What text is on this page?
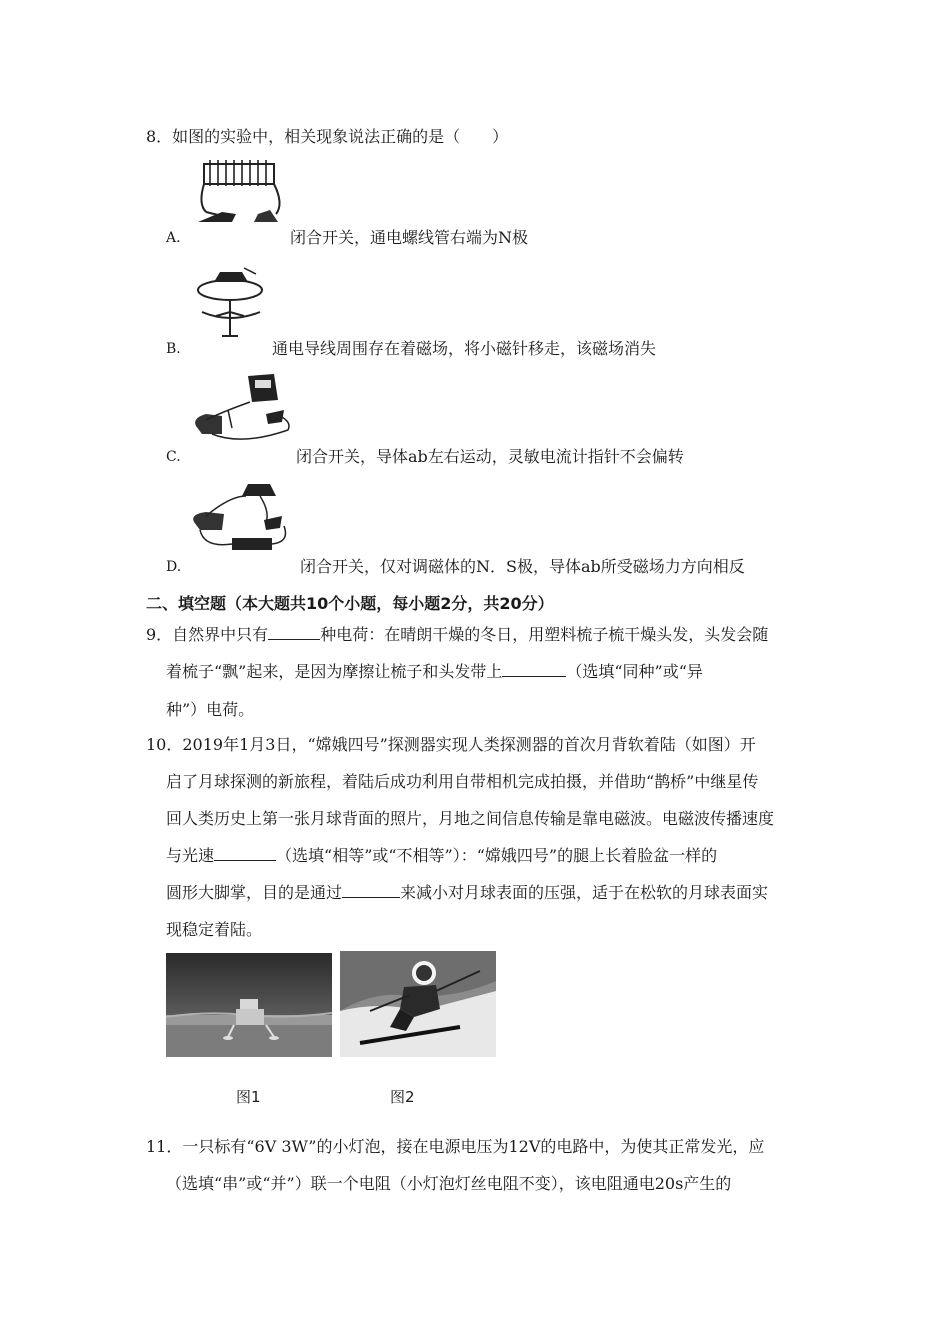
8．如图的实验中，相关现象说法正确的是（　　）
A.	闭合开关，通电螺线管右端为N极
B.	通电导线周围存在着磁场，将小磁针移走，该磁场消失
C.	闭合开关，导体ab左右运动，灵敏电流计指针不会偏转
D.	闭合开关，仅对调磁体的N．S极，导体ab所受磁场力方向相反
二、填空题（本大题共10个小题，每小题2分，共20分）
9．自然界中只有	种电荷：在晴朗干燥的冬日，用塑料梳子梳干燥头发，头发会随
着梳子“飘”起来，是因为摩擦让梳子和头发带上	（选填“同种”或“异
种”）电荷。
10．2019年1月3日，“嫦娥四号”探测器实现人类探测器的首次月背软着陆（如图）开
启了月球探测的新旅程，着陆后成功利用自带相机完成拍摄，并借助“鹊桥”中继星传
回人类历史上第一张月球背面的照片，月地之间信息传输是靠电磁波。电磁波传播速度
与光速	（选填“相等”或“不相等”）：“嫦娥四号”的腿上长着脸盆一样的
圆形大脚掌，目的是通过	来减小对月球表面的压强，适于在松软的月球表面实
现稳定着陆。
图1	图2
11．一只标有“6V 3W”的小灯泡，接在电源电压为12V的电路中，为使其正常发光，应
（选填“串”或“并”）联一个电阻（小灯泡灯丝电阻不变），该电阻通电20s产生的
